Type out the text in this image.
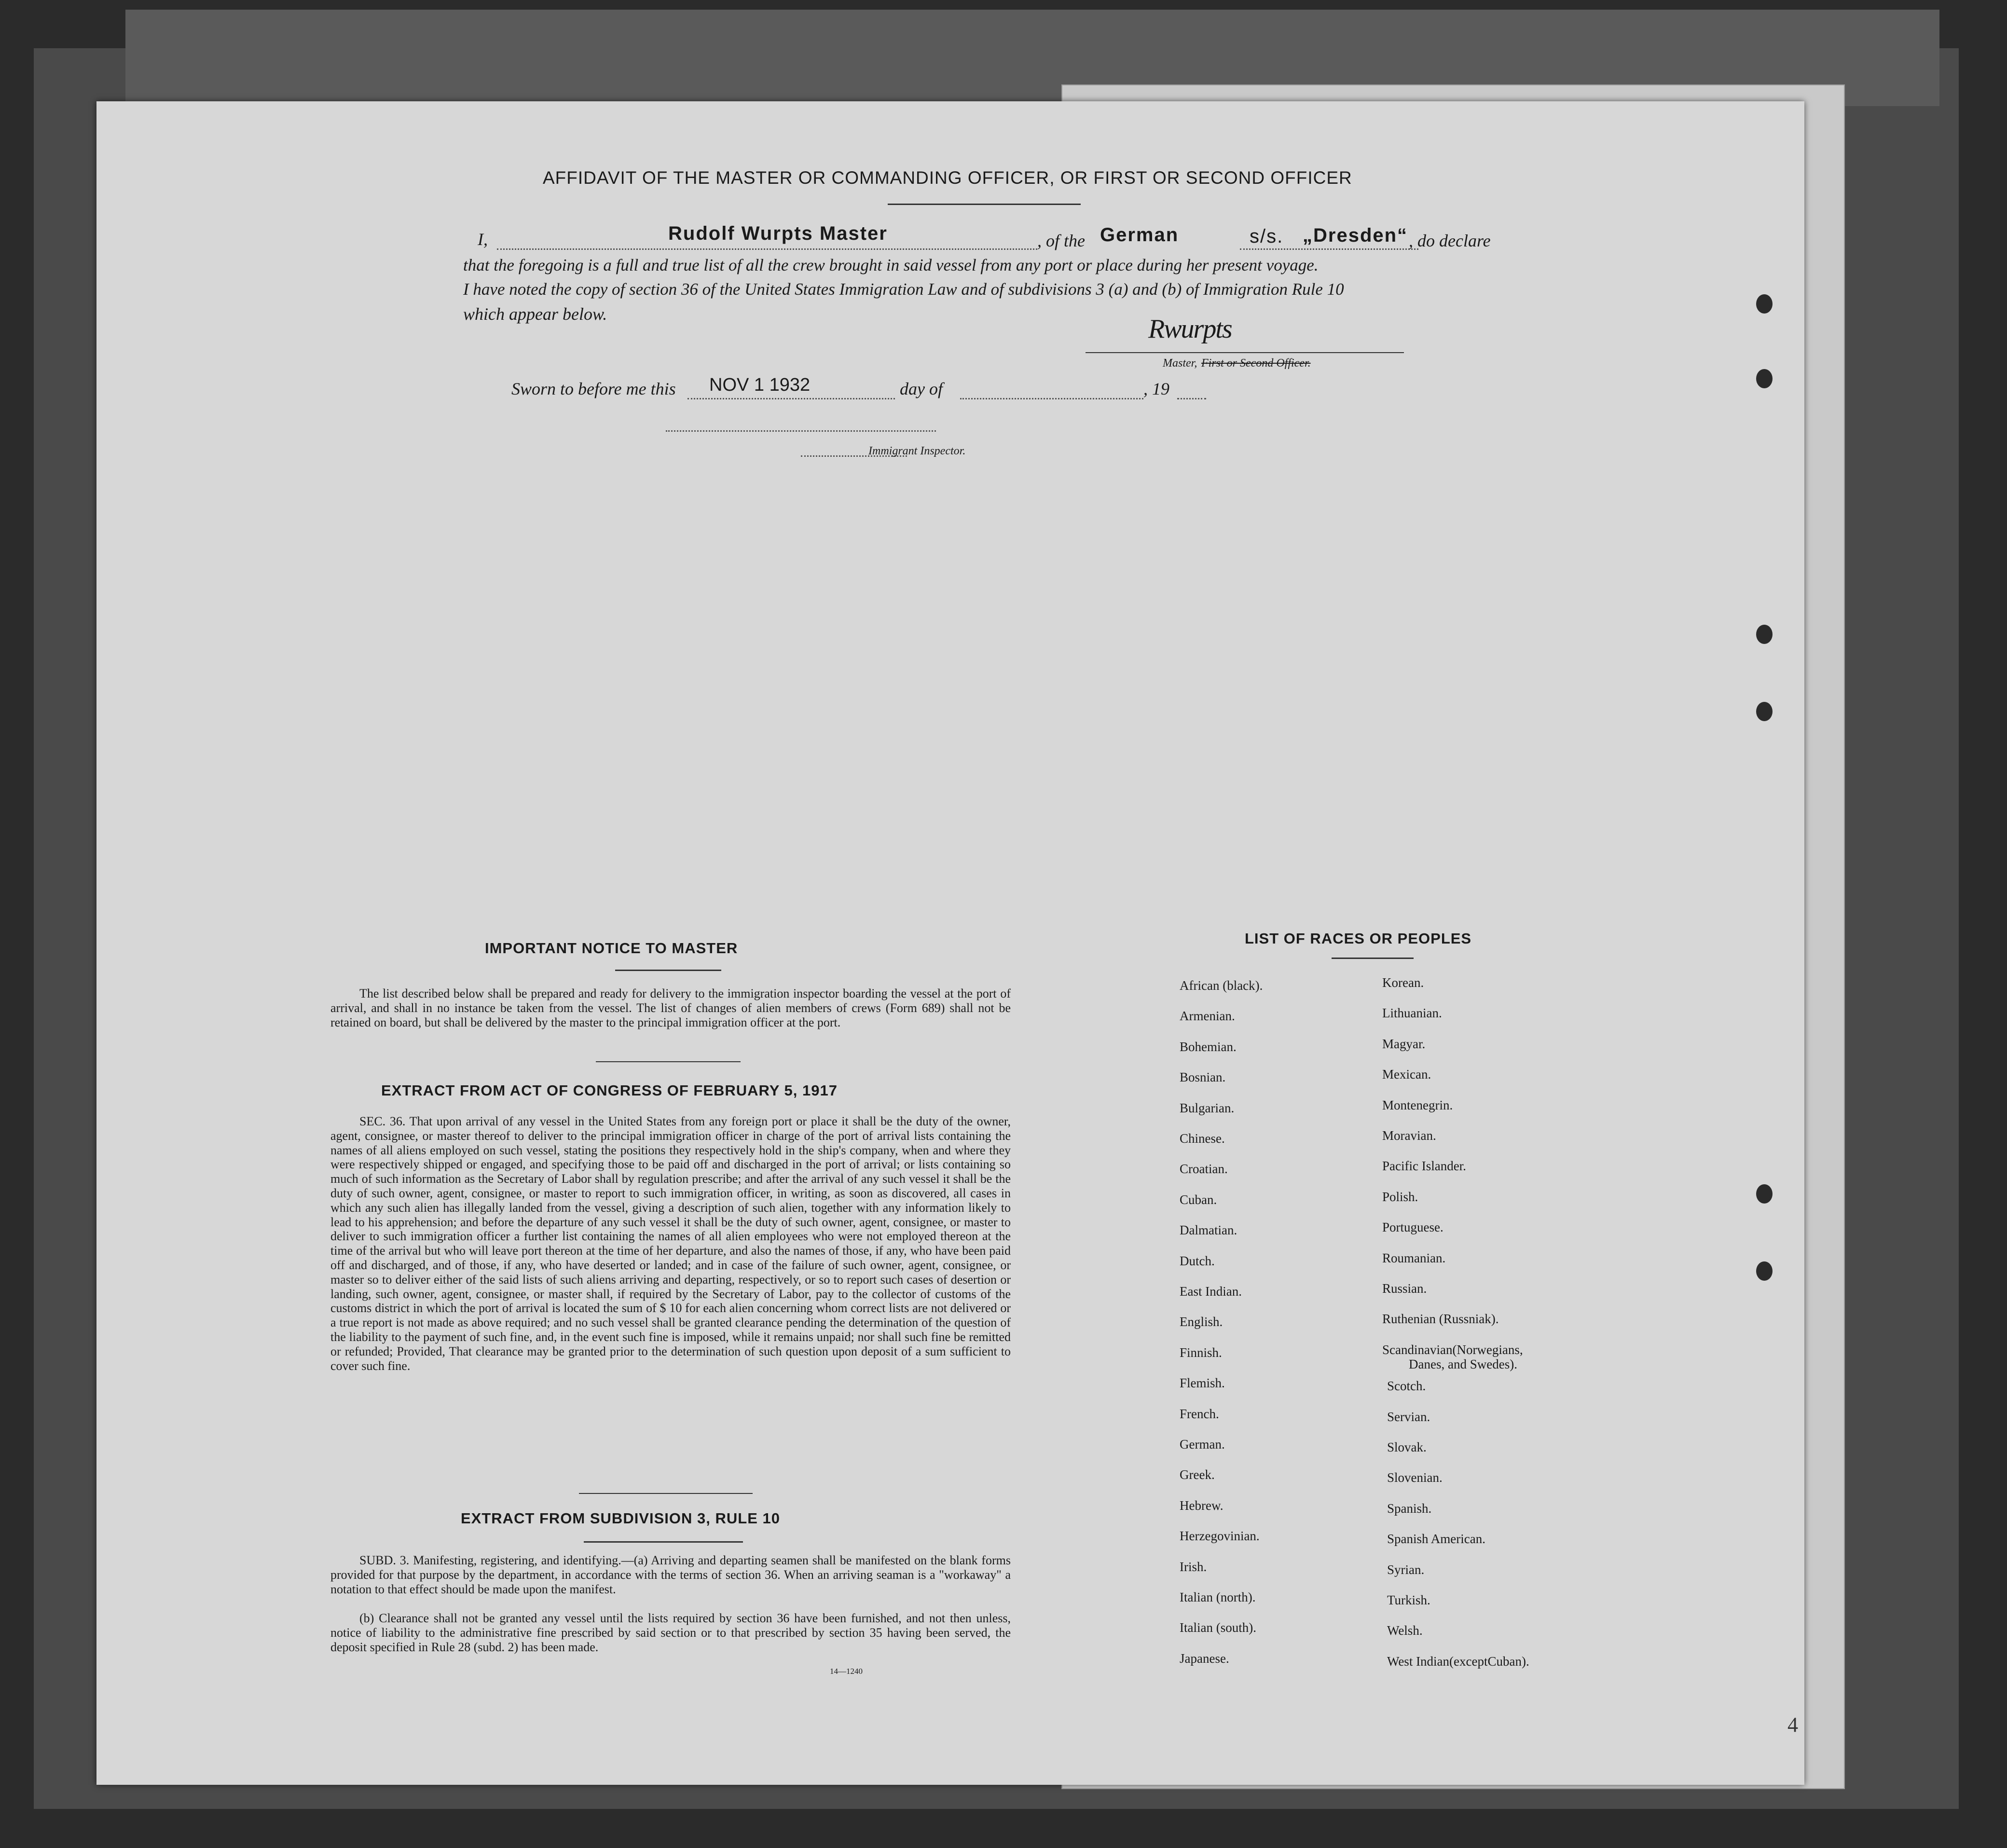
AFFIDAVIT OF THE MASTER OR COMMANDING OFFICER, OR FIRST OR SECOND OFFICER
I,	Rudolf Wurpts Master	, of the German	s/s. „Dresden“ , do declare
that the foregoing is a full and true list of all the crew brought in said vessel from any port or place during her present voyage.
I have noted the copy of section 36 of the United States Immigration Law and of subdivisions 3 (a) and (b) of Immigration Rule 10
which appear below.	Rwurpts
Master, First or Second Officer.
Sworn to before me this NOV 1 1932	day of	, 19
Immigrant Inspector.
IMPORTANT NOTICE TO MASTER
The list described below shall be prepared and ready for delivery to the immigration inspector boarding the vessel at the port of arrival, and shall in no instance be taken from the vessel. The list of changes of alien members of crews (Form 689) shall not be retained on board, but shall be delivered by the master to the principal immigration officer at the port.
EXTRACT FROM ACT OF CONGRESS OF FEBRUARY 5, 1917
SEC. 36. That upon arrival of any vessel in the United States from any foreign port or place it shall be the duty of the owner, agent, consignee, or master thereof to deliver to the principal immigration officer in charge of the port of arrival lists containing the names of all aliens employed on such vessel, stating the positions they respectively hold in the ship's company, when and where they were respectively shipped or engaged, and specifying those to be paid off and discharged in the port of arrival; or lists containing so much of such information as the Secretary of Labor shall by regulation prescribe; and after the arrival of any such vessel it shall be the duty of such owner, agent, consignee, or master to report to such immigration officer, in writing, as soon as discovered, all cases in which any such alien has illegally landed from the vessel, giving a description of such alien, together with any information likely to lead to his apprehension; and before the departure of any such vessel it shall be the duty of such owner, agent, consignee, or master to deliver to such immigration officer a further list containing the names of all alien employees who were not employed thereon at the time of the arrival but who will leave port thereon at the time of her departure, and also the names of those, if any, who have been paid off and discharged, and of those, if any, who have deserted or landed; and in case of the failure of such owner, agent, consignee, or master so to deliver either of the said lists of such aliens arriving and departing, respectively, or so to report such cases of desertion or landing, such owner, agent, consignee, or master shall, if required by the Secretary of Labor, pay to the collector of customs of the customs district in which the port of arrival is located the sum of $ 10 for each alien concerning whom correct lists are not delivered or a true report is not made as above required; and no such vessel shall be granted clearance pending the determination of the question of the liability to the payment of such fine, and, in the event such fine is imposed, while it remains unpaid; nor shall such fine be remitted or refunded; Provided, That clearance may be granted prior to the determination of such question upon deposit of a sum sufficient to cover such fine.
EXTRACT FROM SUBDIVISION 3, RULE 10
SUBD. 3. Manifesting, registering, and identifying.—(a) Arriving and departing seamen shall be manifested on the blank forms provided for that purpose by the department, in accordance with the terms of section 36. When an arriving seaman is a "workaway" a notation to that effect should be made upon the manifest.
(b) Clearance shall not be granted any vessel until the lists required by section 36 have been furnished, and not then unless, notice of liability to the administrative fine prescribed by said section or to that prescribed by section 35 having been served, the deposit specified in Rule 28 (subd. 2) has been made.
14—1240
LIST OF RACES OR PEOPLES
African (black).
Armenian.
Bohemian.
Bosnian.
Bulgarian.
Chinese.
Croatian.
Cuban.
Dalmatian.
Dutch.
East Indian.
English.
Finnish.
Flemish.
French.
German.
Greek.
Hebrew.
Herzegovinian.
Irish.
Italian (north).
Italian (south).
Japanese.
Korean.
Lithuanian.
Magyar.
Mexican.
Montenegrin.
Moravian.
Pacific Islander.
Polish.
Portuguese.
Roumanian.
Russian.
Ruthenian (Russniak).
Scandinavian(Norwegians,
Danes, and Swedes).
Scotch.
Servian.
Slovak.
Slovenian.
Spanish.
Spanish American.
Syrian.
Turkish.
Welsh.
West Indian(exceptCuban).
4
